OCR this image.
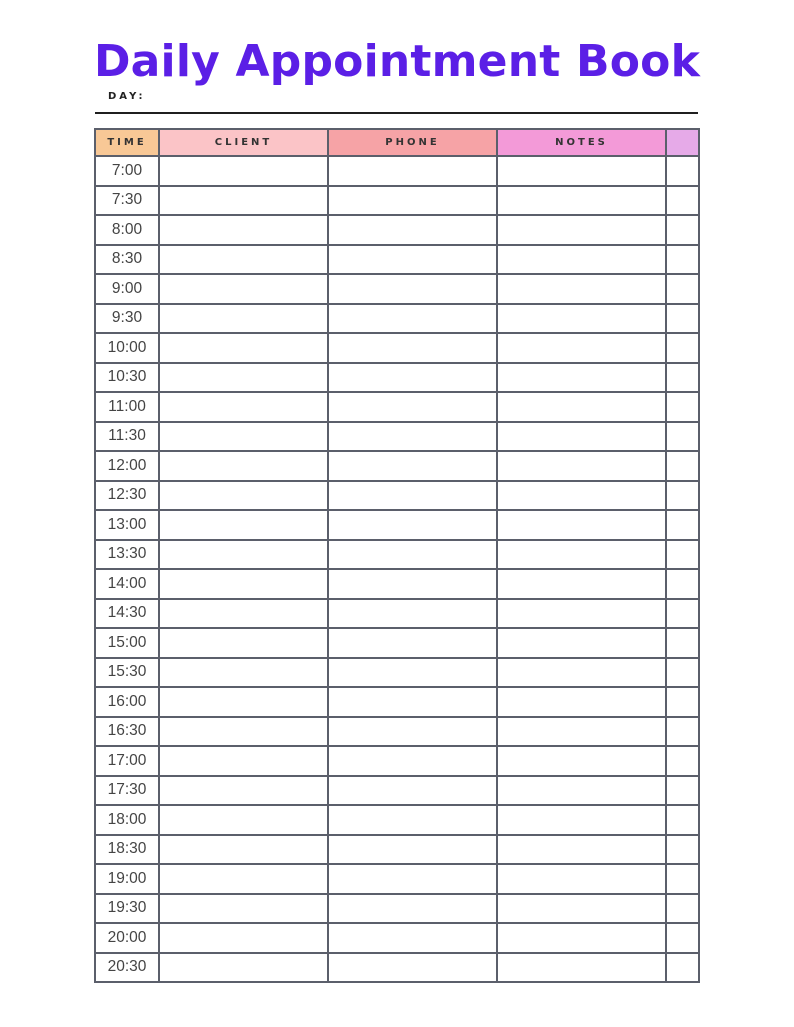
Daily Appointment Book
DAY:
TIME	CLIENT	PHONE	NOTES	
7:00				
7:30				
8:00				
8:30				
9:00				
9:30				
10:00				
10:30				
11:00				
11:30				
12:00				
12:30				
13:00				
13:30				
14:00				
14:30				
15:00				
15:30				
16:00				
16:30				
17:00				
17:30				
18:00				
18:30				
19:00				
19:30				
20:00				
20:30				
